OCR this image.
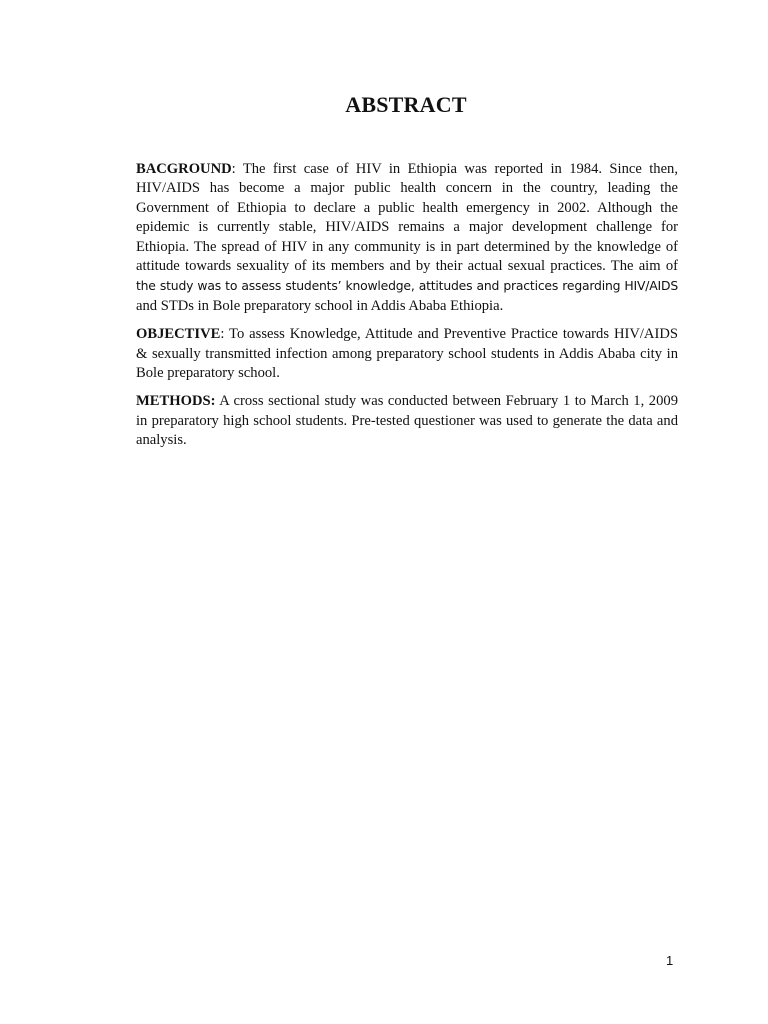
ABSTRACT

BACGROUND: The first case of HIV in Ethiopia was reported in 1984. Since then, HIV/AIDS has become a major public health concern in the country, leading the Government of Ethiopia to declare a public health emergency in 2002. Although the epidemic is currently stable, HIV/AIDS remains a major development challenge for Ethiopia. The spread of HIV in any community is in part determined by the knowledge of attitude towards sexuality of its members and by their actual sexual practices. The aim of the study was to assess students’ knowledge, attitudes and practices regarding HIV/AIDS and STDs in Bole preparatory school in Addis Ababa Ethiopia.

OBJECTIVE: To assess Knowledge, Attitude and Preventive Practice towards HIV/AIDS & sexually transmitted infection among preparatory school students in Addis Ababa city in Bole preparatory school.

METHODS: A cross sectional study was conducted between February 1 to March 1, 2009 in preparatory high school students. Pre-tested questioner was used to generate the data and analysis.

1
